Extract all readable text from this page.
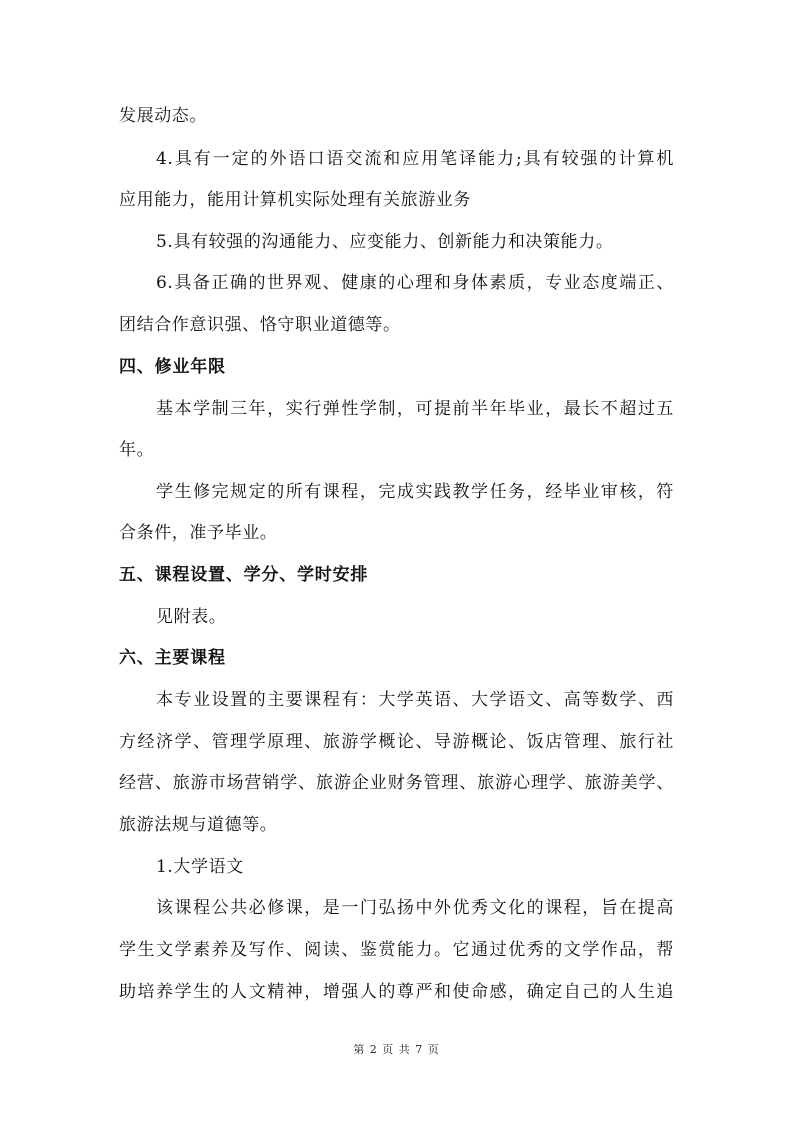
发展动态。
4.具有一定的外语口语交流和应用笔译能力;具有较强的计算机
应用能力，能用计算机实际处理有关旅游业务
5.具有较强的沟通能力、应变能力、创新能力和决策能力。
6.具备正确的世界观、健康的心理和身体素质，专业态度端正、
团结合作意识强、恪守职业道德等。
四、修业年限
基本学制三年，实行弹性学制，可提前半年毕业，最长不超过五
年。
学生修完规定的所有课程，完成实践教学任务，经毕业审核，符
合条件，准予毕业。
五、课程设置、学分、学时安排
见附表。
六、主要课程
本专业设置的主要课程有：大学英语、大学语文、高等数学、西
方经济学、管理学原理、旅游学概论、导游概论、饭店管理、旅行社
经营、旅游市场营销学、旅游企业财务管理、旅游心理学、旅游美学、
旅游法规与道德等。
1.大学语文
该课程公共必修课，是一门弘扬中外优秀文化的课程，旨在提高
学生文学素养及写作、阅读、鉴赏能力。它通过优秀的文学作品，帮
助培养学生的人文精神，增强人的尊严和使命感，确定自己的人生追
第 2 页 共 7 页
